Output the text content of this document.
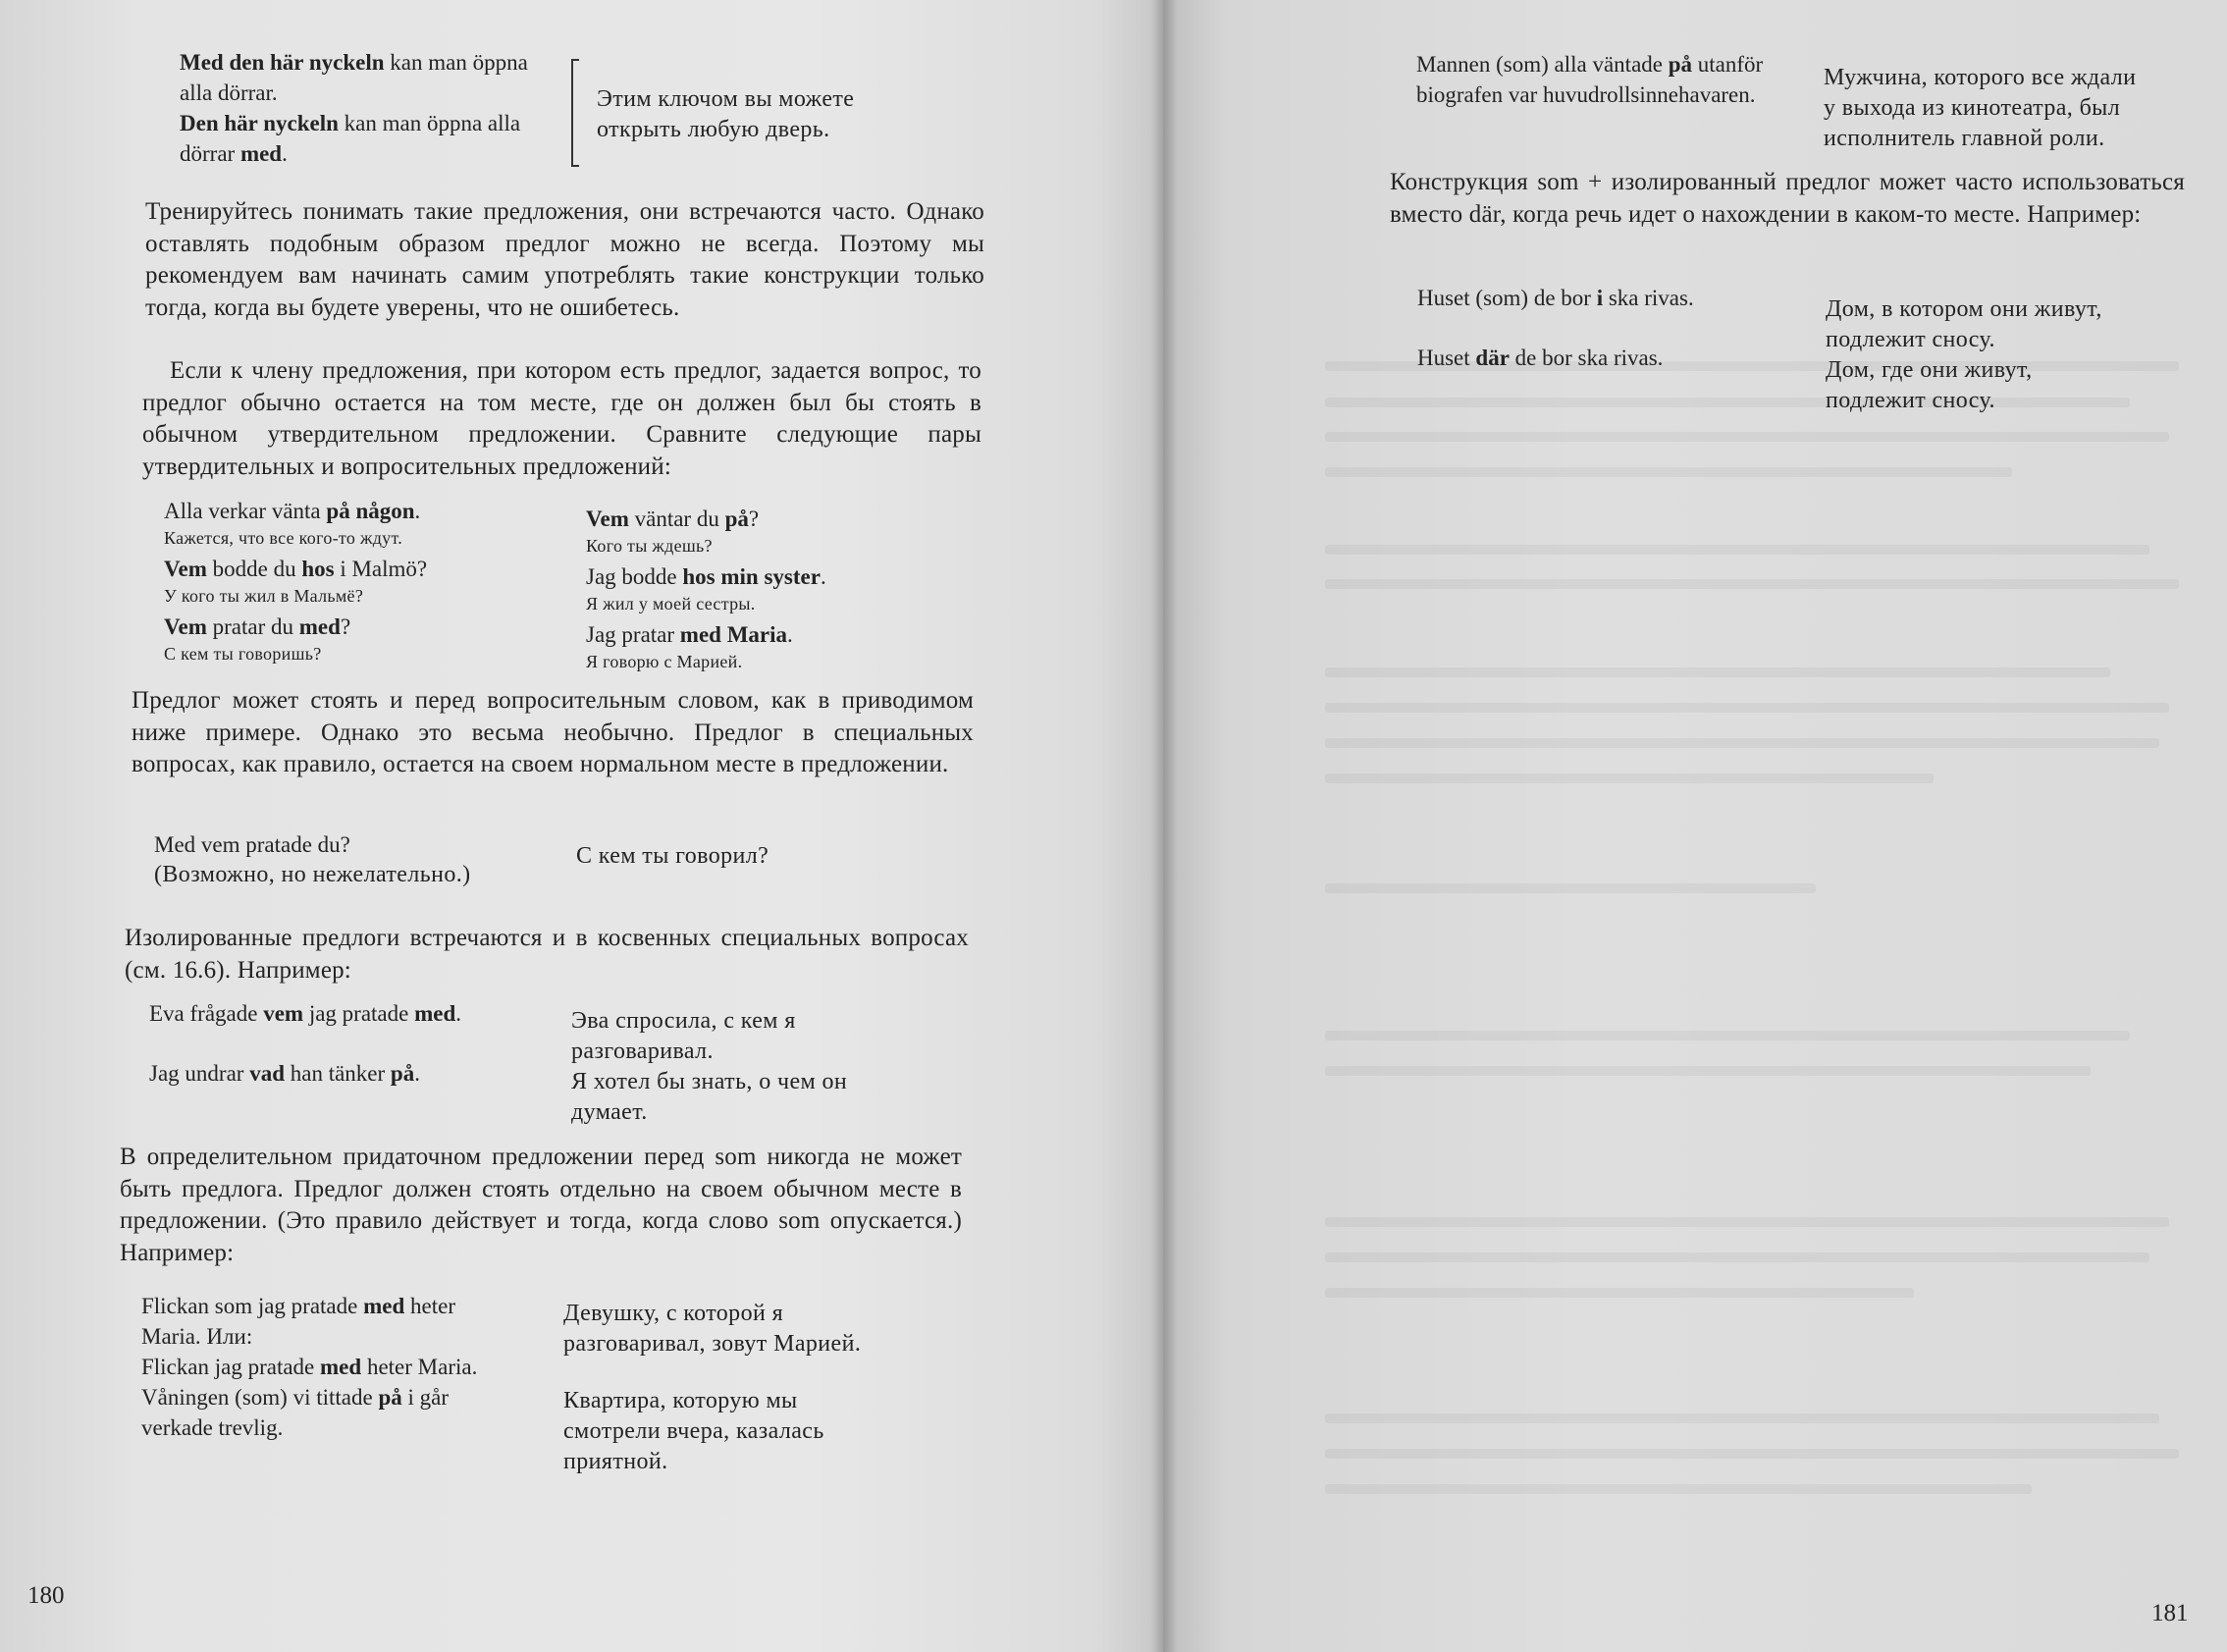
Med den här nyckeln kan man öppna
alla dörrar.
Den här nyckeln kan man öppna alla
dörrar med.
Этим ключом вы можете открыть любую дверь.
Тренируйтесь понимать такие предложения, они встречаются часто. Однако оставлять подобным образом предлог можно не всегда. Поэтому мы рекомендуем вам начинать самим употреблять такие конструкции только тогда, когда вы будете уверены, что не ошибетесь.
Если к члену предложения, при котором есть предлог, задается вопрос, то предлог обычно остается на том месте, где он должен был бы стоять в обычном утвердительном предложении. Сравните следующие пары утвердительных и вопросительных предложений:
Alla verkar vänta på någon.
Кажется, что все кого-то ждут.
Vem bodde du hos i Malmö?
У кого ты жил в Мальмё?
Vem pratar du med?
С кем ты говоришь?
Vem väntar du på?
Кого ты ждешь?
Jag bodde hos min syster.
Я жил у моей сестры.
Jag pratar med Maria.
Я говорю с Марией.
Предлог может стоять и перед вопросительным словом, как в приводимом ниже примере. Однако это весьма необычно. Предлог в специальных вопросах, как правило, остается на своем нормальном месте в предложении.
Med vem pratade du?
(Возможно, но нежелательно.)
С кем ты говорил?
Изолированные предлоги встречаются и в косвенных специальных вопросах (см. 16.6). Например:
Eva frågade vem jag pratade med.
Jag undrar vad han tänker på.
Эва спросила, с кем я
разговаривал.
Я хотел бы знать, о чем он
думает.
В определительном придаточном предложении перед som никогда не может быть предлога. Предлог должен стоять отдельно на своем обычном месте в предложении. (Это правило действует и тогда, когда слово som опускается.) Например:
Flickan som jag pratade med heter
Maria. Или:
Flickan jag pratade med heter Maria.
Våningen (som) vi tittade på i går
verkade trevlig.
Девушку, с которой я
разговаривал, зовут Марией.
Квартира, которую мы
смотрели вчера, казалась
приятной.
180
Mannen (som) alla väntade på utanför
biografen var huvudrollsinnehavaren.
Мужчина, которого все ждали
у выхода из кинотеатра, был
исполнитель главной роли.
Конструкция som + изолированный предлог может часто использоваться вместо där, когда речь идет о нахождении в каком-то месте. Например:
Huset (som) de bor i ska rivas.
Huset där de bor ska rivas.
Дом, в котором они живут,
подлежит сносу.
Дом, где они живут,
подлежит сносу.
181
